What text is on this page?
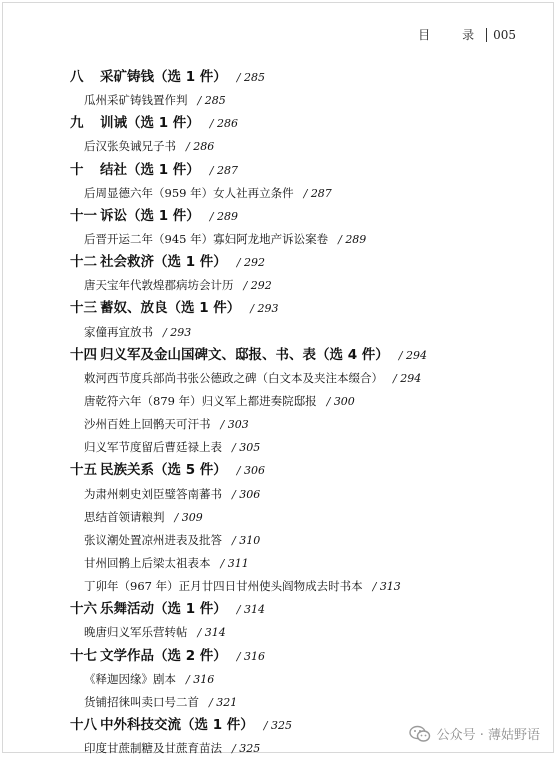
目　录 005
八 采矿铸钱（选 1 件） / 285
瓜州采矿铸钱置作判 / 285
九 训诫（选 1 件） / 286
后汉张奂诫兄子书 / 286
十 结社（选 1 件） / 287
后周显德六年（959 年）女人社再立条件 / 287
十一 诉讼（选 1 件） / 289
后晋开运二年（945 年）寡妇阿龙地产诉讼案卷 / 289
十二 社会救济（选 1 件） / 292
唐天宝年代敦煌郡病坊会计历 / 292
十三 蓄奴、放良（选 1 件） / 293
家僮再宜放书 / 293
十四 归义军及金山国碑文、邸报、书、表（选 4 件） / 294
敕河西节度兵部尚书张公德政之碑（白文本及夹注本缀合） / 294
唐乾符六年（879 年）归义军上都进奏院邸报 / 300
沙州百姓上回鹘天可汗书 / 303
归义军节度留后曹廷禄上表 / 305
十五 民族关系（选 5 件） / 306
为肃州刺史刘臣璧答南蕃书 / 306
思结首领请粮判 / 309
张议潮处置凉州进表及批答 / 310
甘州回鹘上后梁太祖表本 / 311
丁卯年（967 年）正月廿四日甘州使头阎物成去时书本 / 313
十六 乐舞活动（选 1 件） / 314
晚唐归义军乐营转帖 / 314
十七 文学作品（选 2 件） / 316
《释迦因缘》剧本 / 316
货铺招徕叫卖口号二首 / 321
十八 中外科技交流（选 1 件） / 325
印度甘蔗制糖及甘蔗育苗法 / 325
公众号 · 薄姑野语
